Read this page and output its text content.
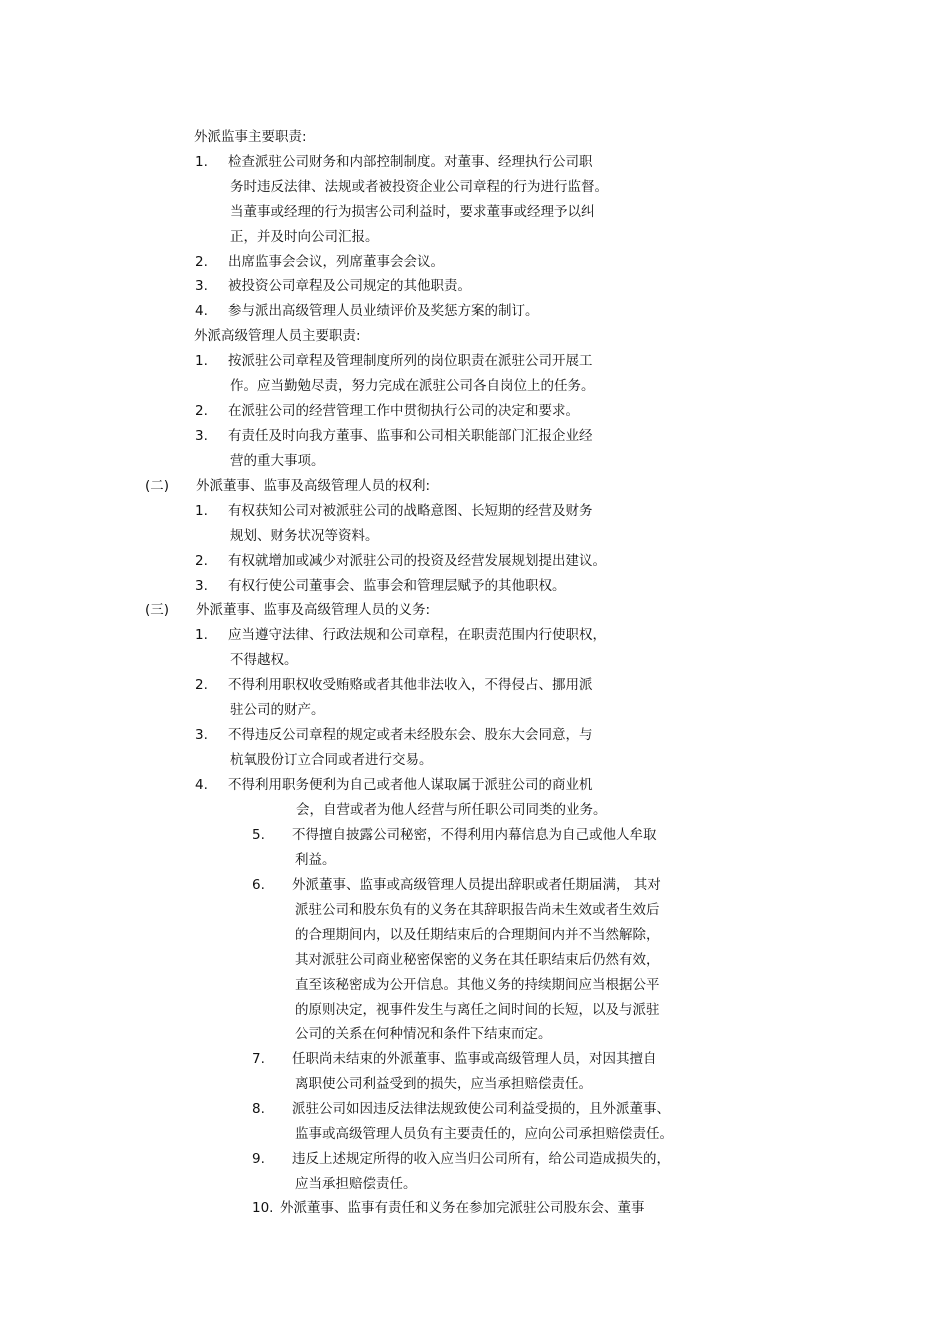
外派监事主要职责:
1. 检查派驻公司财务和内部控制制度。对董事、经理执行公司职
务时违反法律、法规或者被投资企业公司章程的行为进行监督。
当董事或经理的行为损害公司利益时，要求董事或经理予以纠
正，并及时向公司汇报。
2. 出席监事会会议，列席董事会会议。
3. 被投资公司章程及公司规定的其他职责。
4. 参与派出高级管理人员业绩评价及奖惩方案的制订。
外派高级管理人员主要职责:
1. 按派驻公司章程及管理制度所列的岗位职责在派驻公司开展工
作。应当勤勉尽责，努力完成在派驻公司各自岗位上的任务。
2. 在派驻公司的经营管理工作中贯彻执行公司的决定和要求。
3. 有责任及时向我方董事、监事和公司相关职能部门汇报企业经
营的重大事项。
(二) 外派董事、监事及高级管理人员的权利:
1. 有权获知公司对被派驻公司的战略意图、长短期的经营及财务
规划、财务状况等资料。
2. 有权就增加或减少对派驻公司的投资及经营发展规划提出建议。
3. 有权行使公司董事会、监事会和管理层赋予的其他职权。
(三) 外派董事、监事及高级管理人员的义务:
1. 应当遵守法律、行政法规和公司章程，在职责范围内行使职权，
不得越权。
2. 不得利用职权收受贿赂或者其他非法收入，不得侵占、挪用派
驻公司的财产。
3. 不得违反公司章程的规定或者未经股东会、股东大会同意，与
杭氧股份订立合同或者进行交易。
4. 不得利用职务便利为自己或者他人谋取属于派驻公司的商业机
会，自营或者为他人经营与所任职公司同类的业务。
5. 不得擅自披露公司秘密，不得利用内幕信息为自己或他人牟取
利益。
6. 外派董事、监事或高级管理人员提出辞职或者任期届满， 其对
派驻公司和股东负有的义务在其辞职报告尚未生效或者生效后
的合理期间内，以及任期结束后的合理期间内并不当然解除，
其对派驻公司商业秘密保密的义务在其任职结束后仍然有效，
直至该秘密成为公开信息。其他义务的持续期间应当根据公平
的原则决定，视事件发生与离任之间时间的长短，以及与派驻
公司的关系在何种情况和条件下结束而定。
7. 任职尚未结束的外派董事、监事或高级管理人员，对因其擅自
离职使公司利益受到的损失，应当承担赔偿责任。
8. 派驻公司如因违反法律法规致使公司利益受损的，且外派董事、
监事或高级管理人员负有主要责任的，应向公司承担赔偿责任。
9. 违反上述规定所得的收入应当归公司所有，给公司造成损失的，
应当承担赔偿责任。
10. 外派董事、监事有责任和义务在参加完派驻公司股东会、董事
